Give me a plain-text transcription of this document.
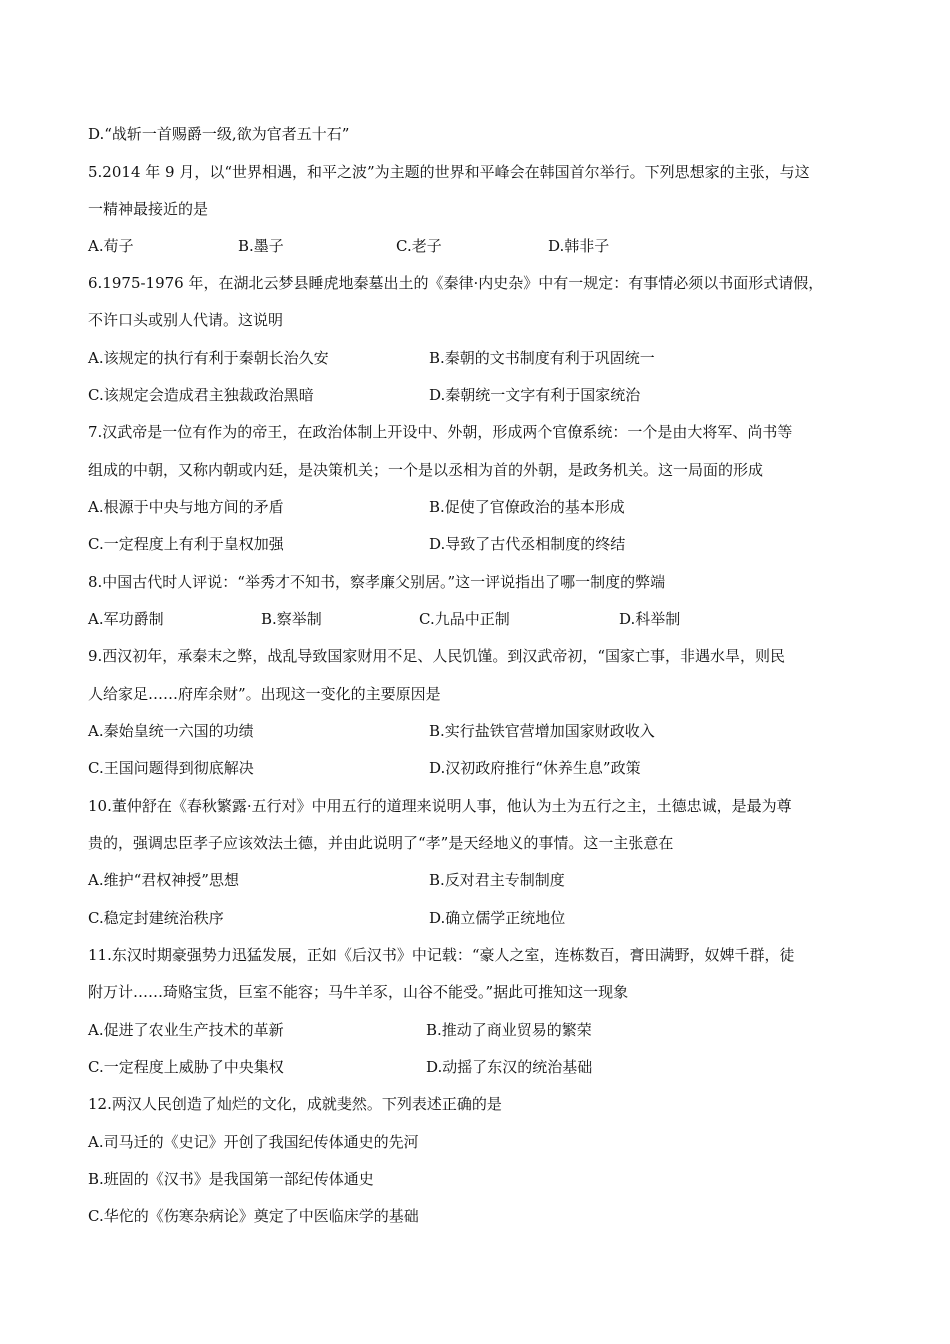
D.“战斩一首赐爵一级,欲为官者五十石”
5.2014 年 9 月，以“世界相遇，和平之波”为主题的世界和平峰会在韩国首尔举行。下列思想家的主张，与这
一精神最接近的是
A.荀子	B.墨子	C.老子	D.韩非子
6.1975-1976 年，在湖北云梦县睡虎地秦墓出土的《秦律·内史杂》中有一规定：有事情必须以书面形式请假，
不许口头或别人代请。这说明
A.该规定的执行有利于秦朝长治久安	B.秦朝的文书制度有利于巩固统一
C.该规定会造成君主独裁政治黑暗	D.秦朝统一文字有利于国家统治
7.汉武帝是一位有作为的帝王，在政治体制上开设中、外朝，形成两个官僚系统：一个是由大将军、尚书等
组成的中朝，又称内朝或内廷，是决策机关；一个是以丞相为首的外朝，是政务机关。这一局面的形成
A.根源于中央与地方间的矛盾	B.促使了官僚政治的基本形成
C.一定程度上有利于皇权加强	D.导致了古代丞相制度的终结
8.中国古代时人评说：“举秀才不知书，察孝廉父别居。”这一评说指出了哪一制度的弊端
A.军功爵制	B.察举制	C.九品中正制	D.科举制
9.西汉初年，承秦末之弊，战乱导致国家财用不足、人民饥馑。到汉武帝初，“国家亡事，非遇水旱，则民
人给家足……府库余财”。出现这一变化的主要原因是
A.秦始皇统一六国的功绩	B.实行盐铁官营增加国家财政收入
C.王国问题得到彻底解决	D.汉初政府推行“休养生息”政策
10.董仲舒在《春秋繁露·五行对》中用五行的道理来说明人事，他认为土为五行之主，土德忠诚，是最为尊
贵的，强调忠臣孝子应该效法土德，并由此说明了“孝”是天经地义的事情。这一主张意在
A.维护“君权神授”思想	B.反对君主专制制度
C.稳定封建统治秩序	D.确立儒学正统地位
11.东汉时期豪强势力迅猛发展，正如《后汉书》中记载：“豪人之室，连栋数百，膏田满野，奴婢千群，徒
附万计……琦赂宝货，巨室不能容；马牛羊豕，山谷不能受。”据此可推知这一现象
A.促进了农业生产技术的革新	B.推动了商业贸易的繁荣
C.一定程度上威胁了中央集权	D.动摇了东汉的统治基础
12.两汉人民创造了灿烂的文化，成就斐然。下列表述正确的是
A.司马迁的《史记》开创了我国纪传体通史的先河
B.班固的《汉书》是我国第一部纪传体通史
C.华佗的《伤寒杂病论》奠定了中医临床学的基础
